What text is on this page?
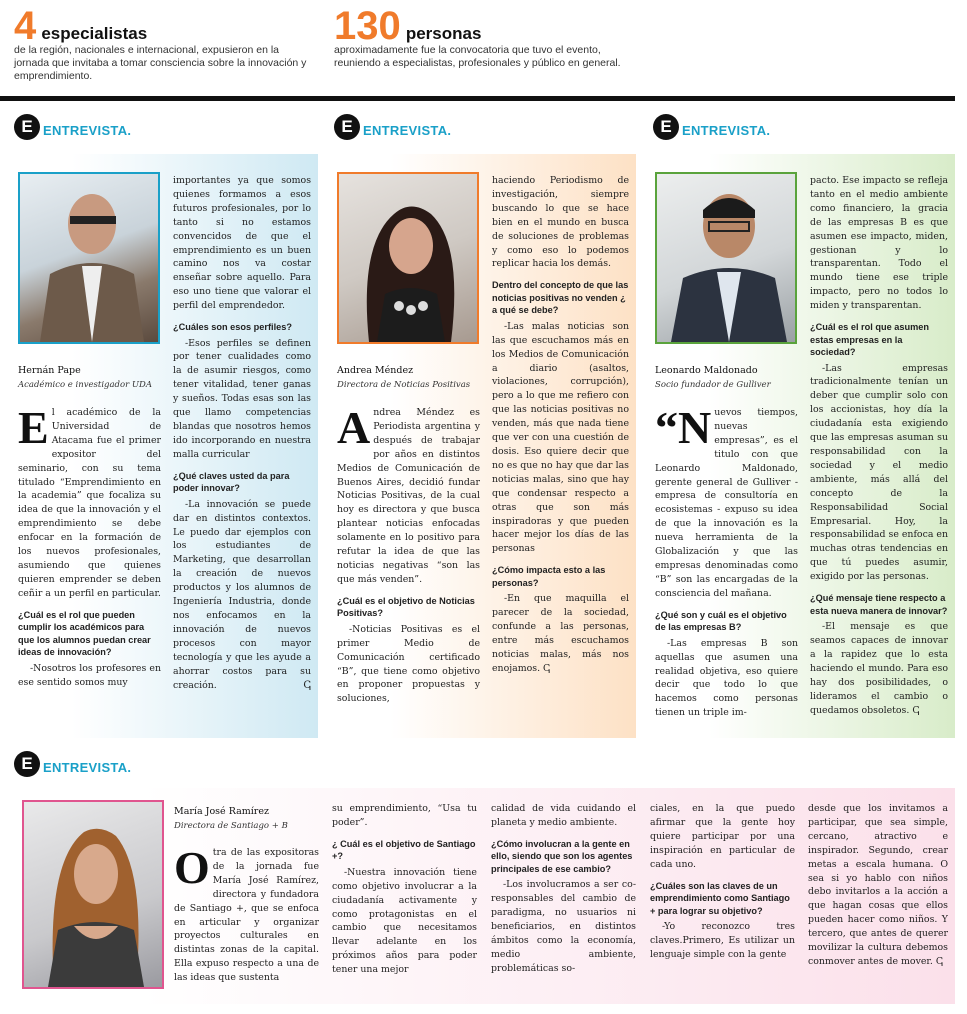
4 especialistas
de la región, nacionales e internacional, expusieron en la jornada que invitaba a tomar consciencia sobre la innovación y emprendimiento.
130 personas
aproximadamente fue la convocatoria que tuvo el evento, reuniendo a especialistas, profesionales y público en general.
E ENTREVISTA.	E ENTREVISTA.	E ENTREVISTA.
E ENTREVISTA.
Hernán Pape
Académico e investigador UDA

El académico de la Universidad de Atacama fue el primer expositor del seminario, con su tema titulado “Emprendimiento en la academia” que focaliza su idea de que la innovación y el emprendimiento se debe enfocar en la formación de los nuevos profesionales, asumiendo que quienes quieren emprender se deben ceñir a un perfil en particular.

¿Cuál es el rol que pueden cumplir los académicos para que los alumnos puedan crear ideas de innovación?

-Nosotros los profesores en ese sentido somos muy

importantes ya que somos quienes formamos a esos futuros profesionales, por lo tanto si no estamos convencidos de que el emprendimiento es un buen camino nos va costar enseñar sobre aquello. Para eso uno tiene que valorar el perfil del emprendedor.

¿Cuáles son esos perfiles?

-Esos perfiles se definen por tener cualidades como la de asumir riesgos, como tener vitalidad, tener ganas y sueños. Todas esas son las que llamo competencias blandas que nosotros hemos ido incorporando en nuestra malla curricular

¿Qué claves usted da para poder innovar?

-La innovación se puede dar en distintos contextos. Le puedo dar ejemplos con los estudiantes de Marketing, que desarrollan la creación de nuevos productos y los alumnos de Ingeniería Industria, donde nos enfocamos en la innovación de nuevos procesos con mayor tecnología y que les ayude a ahorrar costos para su creación.	ↅ

Andrea Méndez
Directora de Noticias Positivas

Andrea Méndez es Periodista argentina y después de trabajar por años en distintos Medios de Comunicación de Buenos Aires, decidió fundar Noticias Positivas, de la cual hoy es directora y que busca plantear noticias enfocadas solamente en lo positivo para refutar la idea de que las noticias negativas “son las que más venden”.

¿Cuál es el objetivo de Noticias Positivas?

-Noticias Positivas es el primer Medio de Comunicación certificado “B”, que tiene como objetivo en proponer propuestas y soluciones,

haciendo Periodismo de investigación, siempre buscando lo que se hace bien en el mundo en busca de soluciones de problemas y como eso lo podemos replicar hacia los demás.

Dentro del concepto de que las noticias positivas no venden ¿ a qué se debe?

-Las malas noticias son las que escuchamos más en los Medios de Comunicación a diario (asaltos, violaciones, corrupción), pero a lo que me refiero con que las noticias positivas no venden, más que nada tiene que ver con una cuestión de dosis. Eso quiere decir que no es que no hay que dar las noticias malas, sino que hay que condensar respecto a otras que son más inspiradoras y que pueden hacer mejor los días de las personas

¿Cómo impacta esto a las personas?

-En que maquilla el parecer de la sociedad, confunde a las personas, entre más escuchamos noticias malas, más nos enojamos. ↅ

Leonardo Maldonado
Socio fundador de Gulliver

“Nuevos tiempos, nuevas empresas”, es el titulo con que Leonardo Maldonado, gerente general de Gulliver - empresa de consultoría en ecosistemas - expuso su idea de que la innovación es la nueva herramienta de la Globalización y que las empresas denominadas como “B” son las encargadas de la consciencia del mañana.

¿Qué son y cuál es el objetivo de las empresas B?

-Las empresas B son aquellas que asumen una realidad objetiva, eso quiere decir que todo lo que hacemos como personas tienen un triple im-

pacto. Ese impacto se refleja tanto en el medio ambiente como financiero, la gracia de las empresas B es que asumen ese impacto, miden, gestionan y lo transparentan. Todo el mundo tiene ese triple impacto, pero no todos lo miden y transparentan.

¿Cuál es el rol que asumen estas empresas en la sociedad?

-Las empresas tradicionalmente tenían un deber que cumplir solo con los accionistas, hoy día la ciudadanía esta exigiendo que las empresas asuman su responsabilidad con la sociedad y el medio ambiente, más allá del concepto de la Responsabilidad Social Empresarial. Hoy, la responsabilidad se enfoca en muchas otras tendencias en que tú puedes asumir, exigido por las personas.

¿Qué mensaje tiene respecto a esta nueva manera de innovar?

-El mensaje es que seamos capaces de innovar a la rapidez que lo esta haciendo el mundo. Para eso hay dos posibilidades, o lideramos el cambio o quedamos obsoletos. ↅ

María José Ramírez
Directora de Santiago + B

Otra de las expositoras de la jornada fue María José Ramírez, directora y fundadora de Santiago +, que se enfoca en articular y organizar proyectos culturales en distintas zonas de la capital. Ella expuso respecto a una de las ideas que sustenta

su emprendimiento, “Usa tu poder”.

¿ Cuál es el objetivo de Santiago +?

-Nuestra innovación tiene como objetivo involucrar a la ciudadanía activamente y como protagonistas en el cambio que necesitamos llevar adelante en los próximos años para poder tener una mejor

calidad de vida cuidando el planeta y medio ambiente.

¿Cómo involucran a la gente en ello, siendo que son los agentes principales de ese cambio?

-Los involucramos a ser co-responsables del cambio de paradigma, no usuarios ni beneficiarios, en distintos ámbitos como la economía, medio ambiente, problemáticas so-

ciales, en la que puedo afirmar que la gente hoy quiere participar por una inspiración en particular de cada uno.

¿Cuáles son las claves de un emprendimiento como Santiago + para lograr su objetivo?

-Yo reconozco tres claves.Primero, Es utilizar un lenguaje simple con la gente

desde que los invitamos a participar, que sea simple, cercano, atractivo e inspirador. Segundo, crear metas a escala humana. O sea si yo hablo con niños debo invitarlos a la acción a que hagan cosas que ellos pueden hacer como niños. Y tercero, que antes de querer movilizar la cultura debemos conmover antes de mover. ↅ
